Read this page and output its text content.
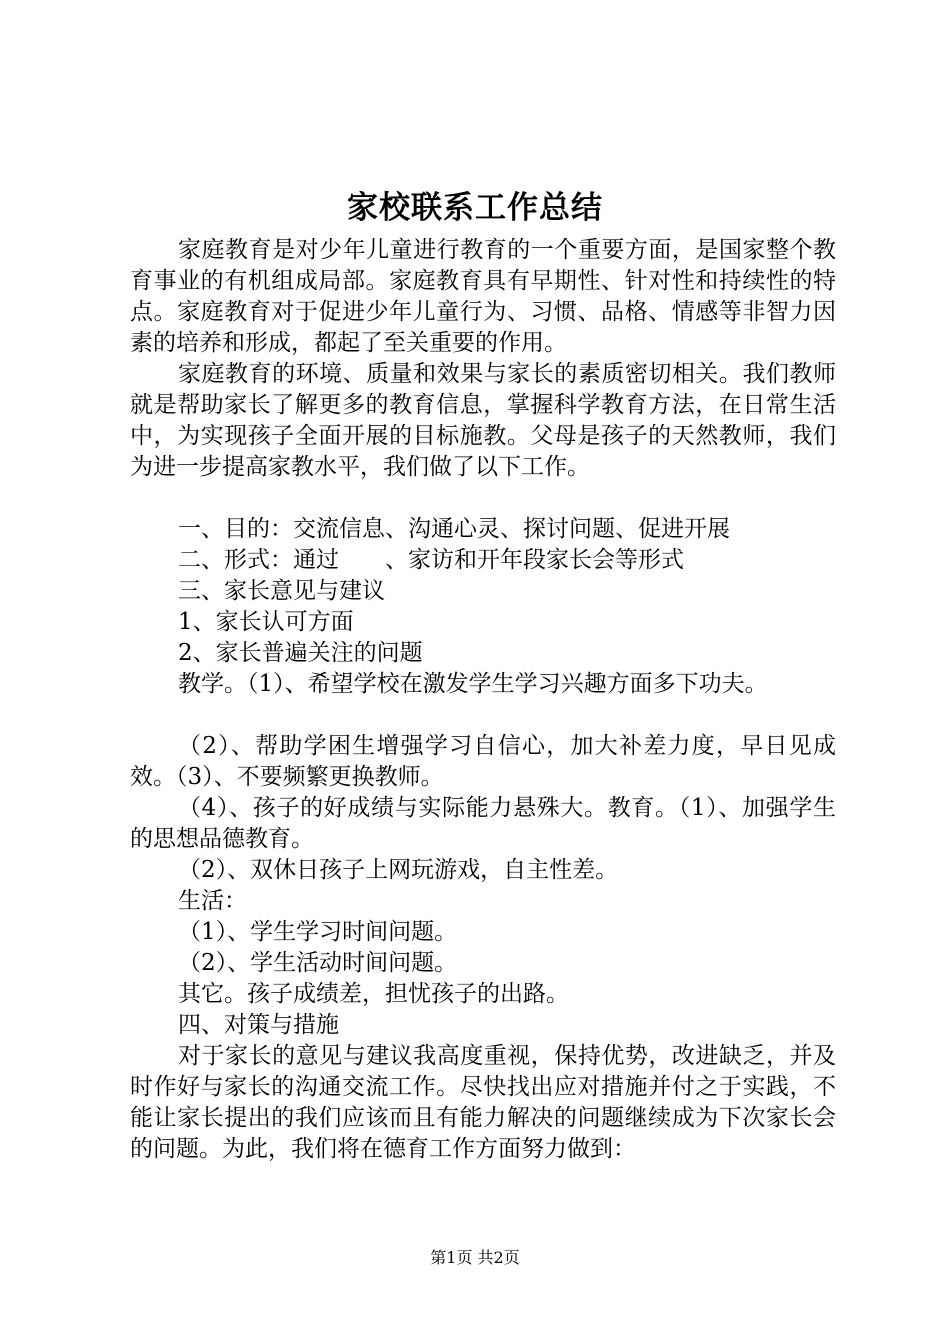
家校联系工作总结

家庭教育是对少年儿童进行教育的一个重要方面，是国家整个教育事业的有机组成局部。家庭教育具有早期性、针对性和持续性的特点。家庭教育对于促进少年儿童行为、习惯、品格、情感等非智力因素的培养和形成，都起了至关重要的作用。

家庭教育的环境、质量和效果与家长的素质密切相关。我们教师就是帮助家长了解更多的教育信息，掌握科学教育方法，在日常生活中，为实现孩子全面开展的目标施教。父母是孩子的天然教师，我们为进一步提高家教水平，我们做了以下工作。

一、目的：交流信息、沟通心灵、探讨问题、促进开展

二、形式：通过　　、家访和开年段家长会等形式

三、家长意见与建议

1、家长认可方面

2、家长普遍关注的问题

教学。（1）、希望学校在激发学生学习兴趣方面多下功夫。

（2）、帮助学困生增强学习自信心，加大补差力度，早日见成效。（3）、不要频繁更换教师。

（4）、孩子的好成绩与实际能力悬殊大。教育。（1）、加强学生的思想品德教育。

（2）、双休日孩子上网玩游戏，自主性差。

生活：

（1）、学生学习时间问题。

（2）、学生活动时间问题。

其它。孩子成绩差，担忧孩子的出路。

四、对策与措施

对于家长的意见与建议我高度重视，保持优势，改进缺乏，并及时作好与家长的沟通交流工作。尽快找出应对措施并付之于实践，不能让家长提出的我们应该而且有能力解决的问题继续成为下次家长会的问题。为此，我们将在德育工作方面努力做到：

第1页 共2页
